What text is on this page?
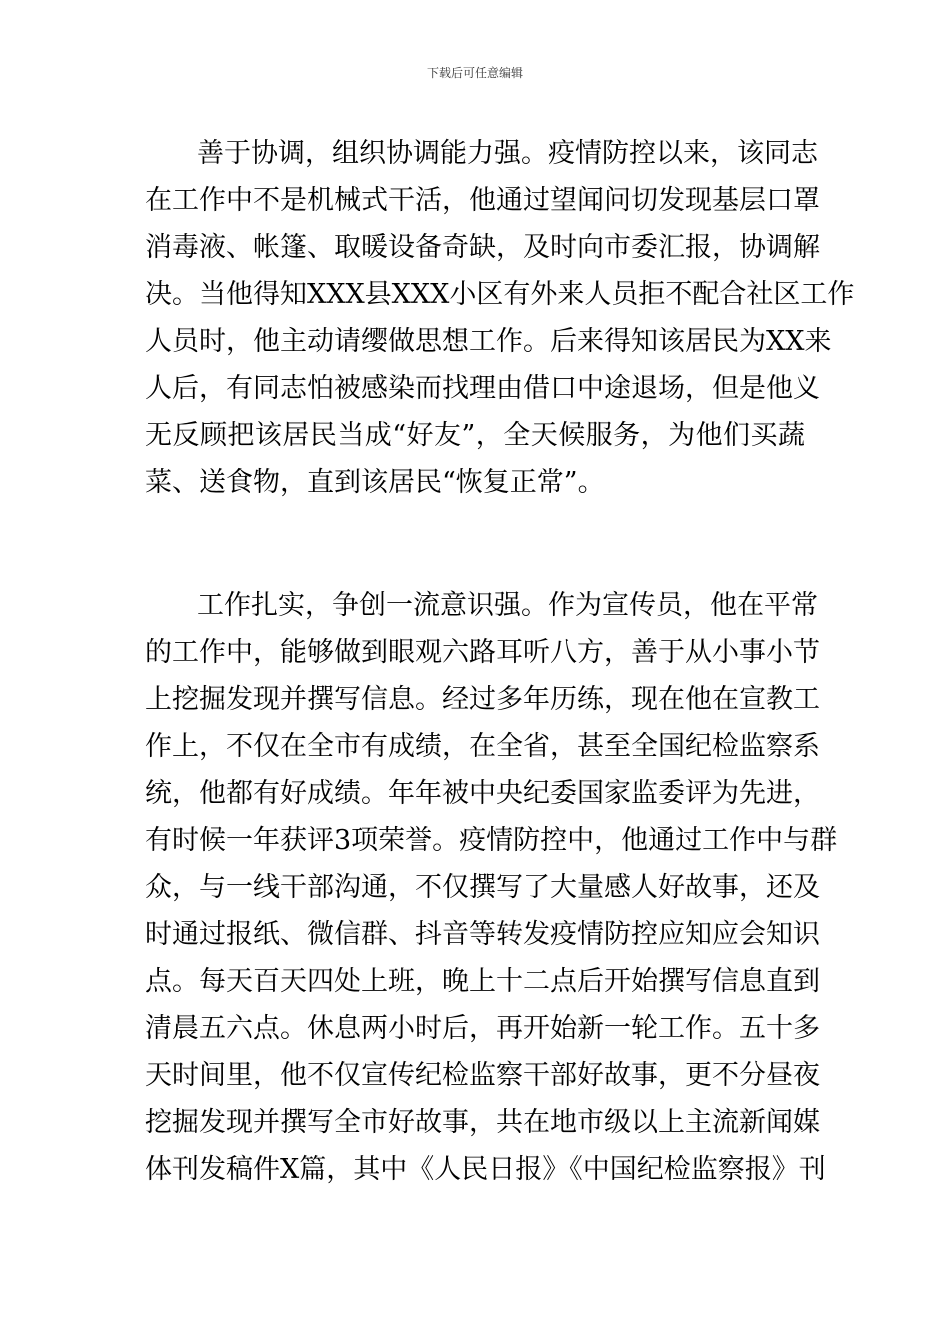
下载后可任意编辑
善于协调，组织协调能力强。疫情防控以来，该同志
在工作中不是机械式干活，他通过望闻问切发现基层口罩
消毒液、帐篷、取暖设备奇缺，及时向市委汇报，协调解
决。当他得知XXX县XXX小区有外来人员拒不配合社区工作
人员时，他主动请缨做思想工作。后来得知该居民为XX来
人后，有同志怕被感染而找理由借口中途退场，但是他义
无反顾把该居民当成“好友”，全天候服务，为他们买蔬
菜、送食物，直到该居民“恢复正常”。
工作扎实，争创一流意识强。作为宣传员，他在平常
的工作中，能够做到眼观六路耳听八方，善于从小事小节
上挖掘发现并撰写信息。经过多年历练，现在他在宣教工
作上，不仅在全市有成绩，在全省，甚至全国纪检监察系
统，他都有好成绩。年年被中央纪委国家监委评为先进，
有时候一年获评3项荣誉。疫情防控中，他通过工作中与群
众，与一线干部沟通，不仅撰写了大量感人好故事，还及
时通过报纸、微信群、抖音等转发疫情防控应知应会知识
点。每天百天四处上班，晚上十二点后开始撰写信息直到
清晨五六点。休息两小时后，再开始新一轮工作。五十多
天时间里，他不仅宣传纪检监察干部好故事，更不分昼夜
挖掘发现并撰写全市好故事，共在地市级以上主流新闻媒
体刊发稿件X篇，其中《人民日报》《中国纪检监察报》刊
